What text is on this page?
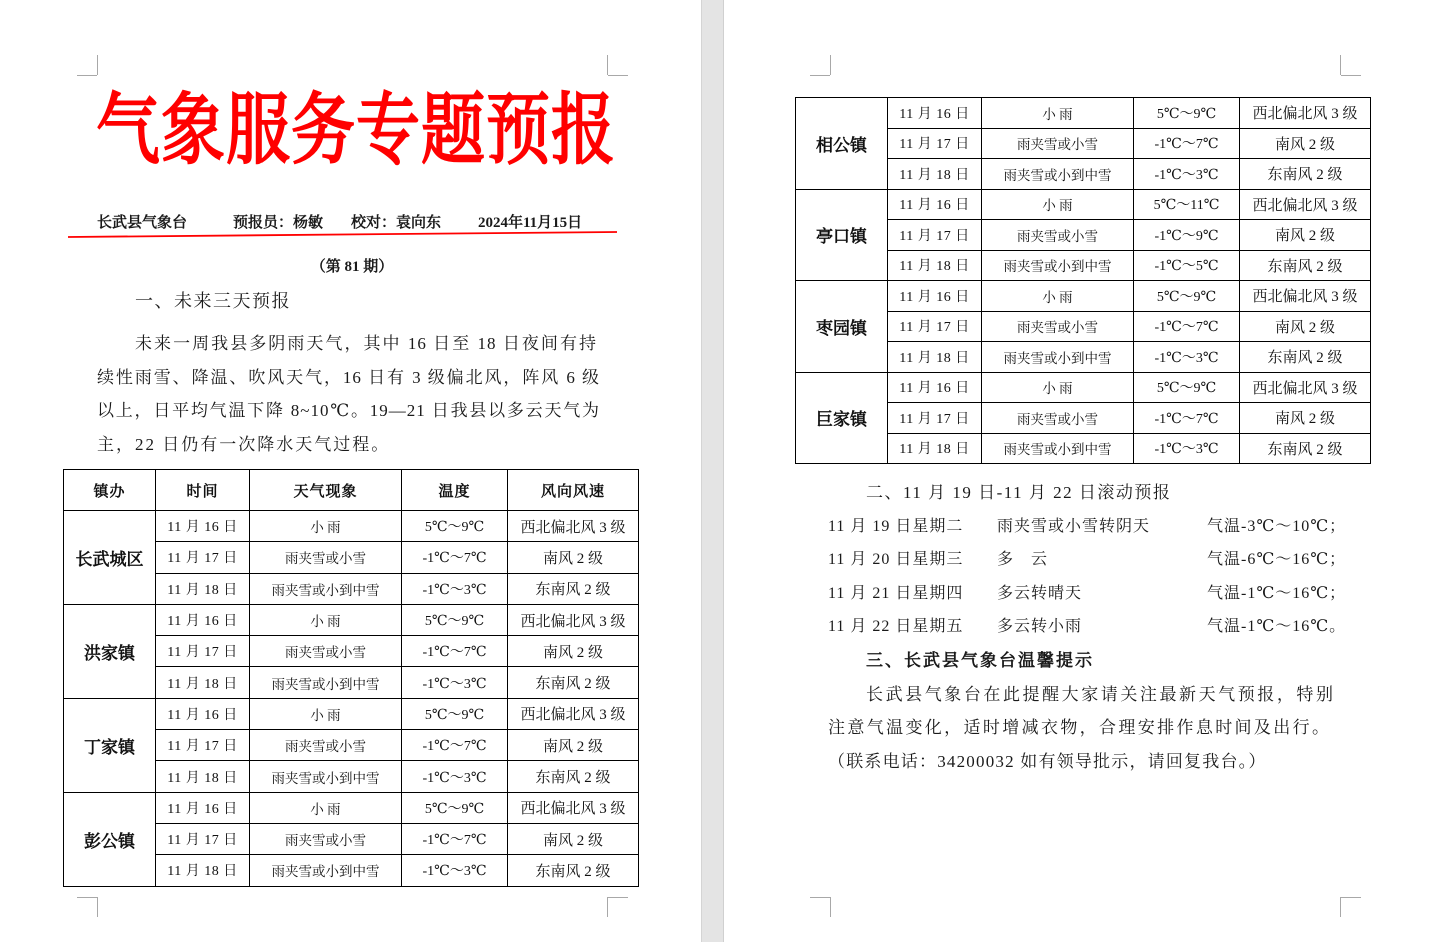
气象服务专题预报
长武县气象台	预报员：杨敏 校对：袁向东 2024年11月15日
（第 81 期）
一、未来三天预报
未来一周我县多阴雨天气，其中 16 日至 18 日夜间有持
续性雨雪、降温、吹风天气，16 日有 3 级偏北风，阵风 6 级
以上，日平均气温下降 8~10℃。19—21 日我县以多云天气为
主，22 日仍有一次降水天气过程。
镇办	时间	天气现象	温度	风向风速
长武城区	11 月 16 日	小 雨	5℃～9℃	西北偏北风 3 级
	11 月 17 日	雨夹雪或小雪	-1℃～7℃	南风 2 级
	11 月 18 日	雨夹雪或小到中雪	-1℃～3℃	东南风 2 级
洪家镇	11 月 16 日	小 雨	5℃～9℃	西北偏北风 3 级
	11 月 17 日	雨夹雪或小雪	-1℃～7℃	南风 2 级
	11 月 18 日	雨夹雪或小到中雪	-1℃～3℃	东南风 2 级
丁家镇	11 月 16 日	小 雨	5℃～9℃	西北偏北风 3 级
	11 月 17 日	雨夹雪或小雪	-1℃～7℃	南风 2 级
	11 月 18 日	雨夹雪或小到中雪	-1℃～3℃	东南风 2 级
彭公镇	11 月 16 日	小 雨	5℃～9℃	西北偏北风 3 级
	11 月 17 日	雨夹雪或小雪	-1℃～7℃	南风 2 级
	11 月 18 日	雨夹雪或小到中雪	-1℃～3℃	东南风 2 级
相公镇	11 月 16 日	小 雨	5℃～9℃	西北偏北风 3 级
	11 月 17 日	雨夹雪或小雪	-1℃～7℃	南风 2 级
	11 月 18 日	雨夹雪或小到中雪	-1℃～3℃	东南风 2 级
亭口镇	11 月 16 日	小 雨	5℃～11℃	西北偏北风 3 级
	11 月 17 日	雨夹雪或小雪	-1℃～9℃	南风 2 级
	11 月 18 日	雨夹雪或小到中雪	-1℃～5℃	东南风 2 级
枣园镇	11 月 16 日	小 雨	5℃～9℃	西北偏北风 3 级
	11 月 17 日	雨夹雪或小雪	-1℃～7℃	南风 2 级
	11 月 18 日	雨夹雪或小到中雪	-1℃～3℃	东南风 2 级
巨家镇	11 月 16 日	小 雨	5℃～9℃	西北偏北风 3 级
	11 月 17 日	雨夹雪或小雪	-1℃～7℃	南风 2 级
	11 月 18 日	雨夹雪或小到中雪	-1℃～3℃	东南风 2 级
二、11 月 19 日-11 月 22 日滚动预报
11 月 19 日星期二 雨夹雪或小雪转阴天	气温-3℃～10℃；
11 月 20 日星期三 多　云	气温-6℃～16℃；
11 月 21 日星期四 多云转晴天	气温-1℃～16℃；
11 月 22 日星期五 多云转小雨	气温-1℃～16℃。
三、长武县气象台温馨提示
长武县气象台在此提醒大家请关注最新天气预报，特别
注意气温变化，适时增减衣物，合理安排作息时间及出行。
（联系电话：34200032 如有领导批示，请回复我台。）
